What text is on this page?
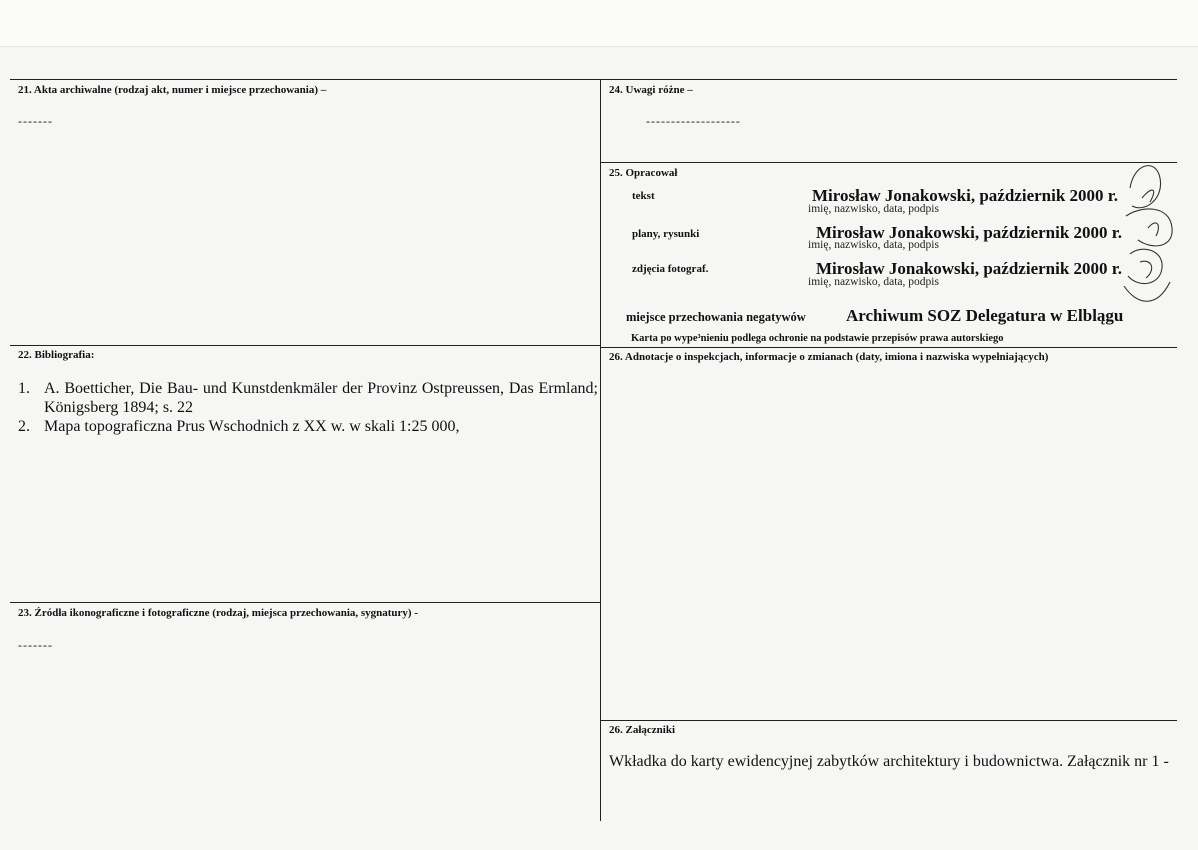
21. Akta archiwalne (rodzaj akt, numer i miejsce przechowania) –
-------
22. Bibliografia:
1. A. Boetticher, Die Bau- und Kunstdenkmäler der Provinz Ostpreussen, Das Ermland; Königsberg 1894; s. 22
2. Mapa topograficzna Prus Wschodnich z XX w. w skali 1:25 000,
23. Źródła ikonograficzne i fotograficzne (rodzaj, miejsca przechowania, sygnatury) -
-------
24. Uwagi różne –
-------------------
25. Opracował
tekst	Mirosław Jonakowski, październik 2000 r.
imię, nazwisko, data, podpis
plany, rysunki	Mirosław Jonakowski, październik 2000 r.
imię, nazwisko, data, podpis
zdjęcia fotograf.	Mirosław Jonakowski, październik 2000 r.
imię, nazwisko, data, podpis
miejsce przechowania negatywów Archiwum SOZ Delegatura w Elblągu
Karta po wype³nieniu podlega ochronie na podstawie przepisów prawa autorskiego
26. Adnotacje o inspekcjach, informacje o zmianach (daty, imiona i nazwiska wypełniających)
26. Załączniki
Wkładka do karty ewidencyjnej zabytków architektury i budownictwa. Załącznik nr 1 -
